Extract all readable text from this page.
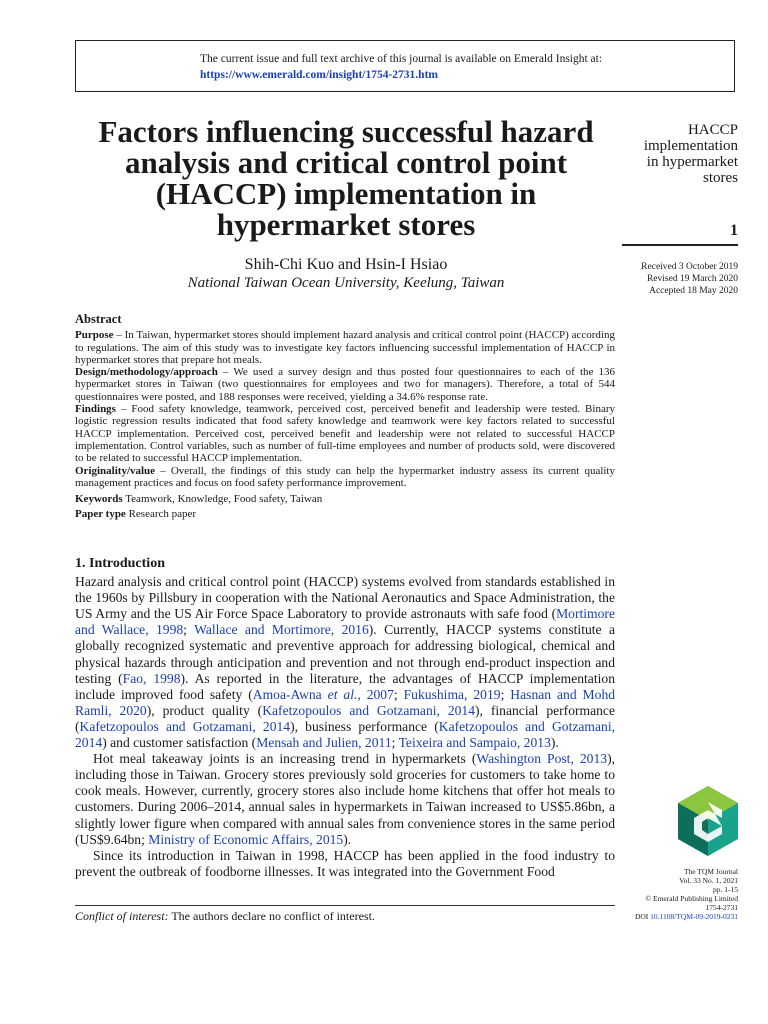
The current issue and full text archive of this journal is available on Emerald Insight at:
https://www.emerald.com/insight/1754-2731.htm
Factors influencing successful hazard analysis and critical control point (HACCP) implementation in hypermarket stores
Shih-Chi Kuo and Hsin-I Hsiao
National Taiwan Ocean University, Keelung, Taiwan
HACCP
implementation
in hypermarket
stores
1
Received 3 October 2019
Revised 19 March 2020
Accepted 18 May 2020
Abstract

Purpose – In Taiwan, hypermarket stores should implement hazard analysis and critical control point (HACCP) according to regulations. The aim of this study was to investigate key factors influencing successful implementation of HACCP in hypermarket stores that prepare hot meals.

Design/methodology/approach – We used a survey design and thus posted four questionnaires to each of the 136 hypermarket stores in Taiwan (two questionnaires for employees and two for managers). Therefore, a total of 544 questionnaires were posted, and 188 responses were received, yielding a 34.6% response rate.

Findings – Food safety knowledge, teamwork, perceived cost, perceived benefit and leadership were tested. Binary logistic regression results indicated that food safety knowledge and teamwork were key factors related to successful HACCP implementation. Perceived cost, perceived benefit and leadership were not related to successful HACCP implementation. Control variables, such as number of full-time employees and number of products sold, were discovered to be related to successful HACCP implementation.

Originality/value – Overall, the findings of this study can help the hypermarket industry assess its current quality management practices and focus on food safety performance improvement.

Keywords Teamwork, Knowledge, Food safety, Taiwan

Paper type Research paper

1. Introduction

Hazard analysis and critical control point (HACCP) systems evolved from standards established in the 1960s by Pillsbury in cooperation with the National Aeronautics and Space Administration, the US Army and the US Air Force Space Laboratory to provide astronauts with safe food (Mortimore and Wallace, 1998; Wallace and Mortimore, 2016). Currently, HACCP systems constitute a globally recognized systematic and preventive approach for addressing biological, chemical and physical hazards through anticipation and prevention and not through end-product inspection and testing (Fao, 1998). As reported in the literature, the advantages of HACCP implementation include improved food safety (Amoa-Awna et al., 2007; Fukushima, 2019; Hasnan and Mohd Ramli, 2020), product quality (Kafetzopoulos and Gotzamani, 2014), financial performance (Kafetzopoulos and Gotzamani, 2014), business performance (Kafetzopoulos and Gotzamani, 2014) and customer satisfaction (Mensah and Julien, 2011; Teixeira and Sampaio, 2013).

Hot meal takeaway joints is an increasing trend in hypermarkets (Washington Post, 2013), including those in Taiwan. Grocery stores previously sold groceries for customers to take home to cook meals. However, currently, grocery stores also include home kitchens that offer hot meals to customers. During 2006–2014, annual sales in hypermarkets in Taiwan increased to US$5.86bn, a slightly lower figure when compared with annual sales from convenience stores in the same period (US$9.64bn; Ministry of Economic Affairs, 2015).

Since its introduction in Taiwan in 1998, HACCP has been applied in the food industry to prevent the outbreak of foodborne illnesses. It was integrated into the Government Food

Conflict of interest: The authors declare no conflict of interest.
The TQM Journal
Vol. 33 No. 1, 2021
pp. 1-15
© Emerald Publishing Limited
1754-2731
DOI 10.1108/TQM-09-2019-0231
